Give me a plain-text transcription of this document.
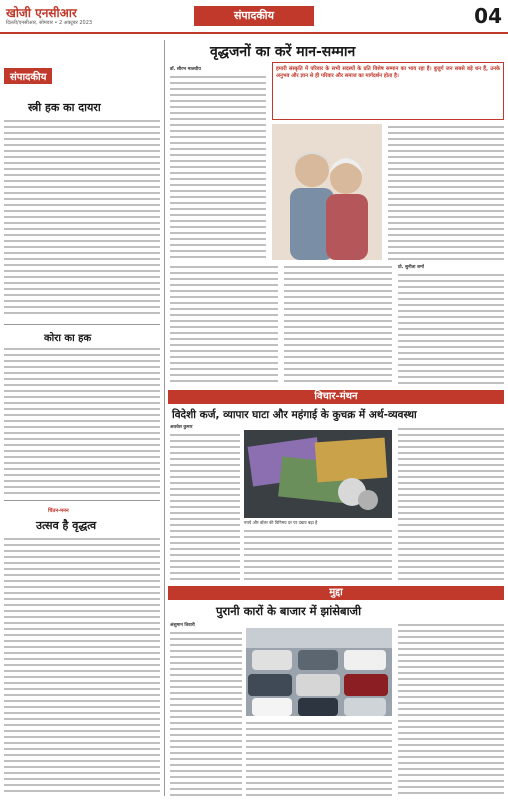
खोजी एनसीआर
दिल्ली/एनसीआर, सोमवार • 2 अक्टूबर 2023
संपादकीय	04
संपादकीय
स्त्री हक का दायरा
कोरा का हक
चिंतन-मनन
उत्सव है वृद्धत्व
वृद्धजनों का करें मान-सम्मान
डॉ. सौरभ मालवीय	हमारी संस्कृति में परिवार के सभी सदस्यों के प्रति विशेष सम्मान का भाव रहा है। बुजुर्ग जन सबसे बड़े धन हैं, उनके अनुभव और ज्ञान से ही परिवार और समाज का मार्गदर्शन होता है।

प्रो. सुनीता शर्मा
विचार-मंथन
विदेशी कर्ज, व्यापार घाटा और महंगाई के कुचक्र में अर्थ-व्यवस्था
अवधेश कुमार
रुपये और डॉलर की विनिमय दर पर दबाव बढ़ा है
मुद्दा
पुरानी कारों के बाजार में झांसेबाजी
अंशुमान तिवारी
